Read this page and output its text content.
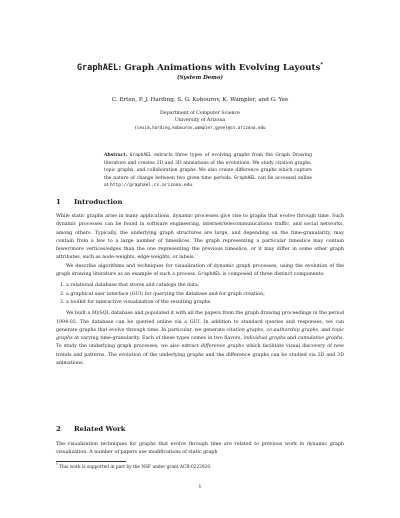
GraphAEL: Graph Animations with Evolving Layouts*
(System Demo)
C. Erten, P. J. Harding, S. G. Kobourov, K. Wampler, and G. Yee
Department of Computer Science
University of Arizona
{cesim,harding,kobourov,wampler,gyee}@cs.arizona.edu
Abstract. GraphAEL extracts three types of evolving graphs from the Graph Drawing literature and creates 2D and 3D animations of the evolutions. We study citation graphs, topic graphs, and collaboration graphs. We also create difference graphs which capture the nature of change between two given time periods. GraphAEL can be accessed online at http://graphael.cs.arizona.edu.
1 Introduction

While static graphs arise in many applications, dynamic processes give rise to graphs that evolve through time. Such dynamic processes can be found in software engineering, internet/telecommunications traffic, and social networks, among others. Typically, the underlying graph structures are large, and depending on the time-granularity, may contain from a few to a large number of timeslices. The graph representing a particular timeslice may contain fewer/more vertices/edges than the one representing the previous timeslice, or it may differ in some other graph attributes, such as node-weights, edge-weights, or labels.

We describe algorithms and techniques for visualization of dynamic graph processes, using the evolution of the graph drawing literature as an example of such a process. GraphAEL is composed of three distinct components:

1. a relational database that stores and catalogs the data;
2. a graphical user interface (GUI) for querying the database and for graph creation;
3. a toolkit for interactive visualization of the resulting graphs.

We built a MySQL database and populated it with all the papers from the graph drawing proceedings in the period 1994-02. The database can be queried online via a GUI. In addition to standard queries and responses, we can generate graphs that evolve through time. In particular, we generate citation graphs, co-authorship graphs, and topic graphs at varying time-granularity. Each of these types comes in two flavors, individual graphs and cumulative graphs. To study the underlying graph processes, we also extract difference graphs which facilitate visual discovery of new trends and patterns. The evolution of the underlying graphs and the difference graphs can be studied via 2D and 3D animations.

2 Related Work

The visualization techniques for graphs that evolve through time are related to previous work in dynamic graph visualization. A number of papers use modifications of static graph

* This work is supported in part by the NSF under grant ACR-0222920.
1
